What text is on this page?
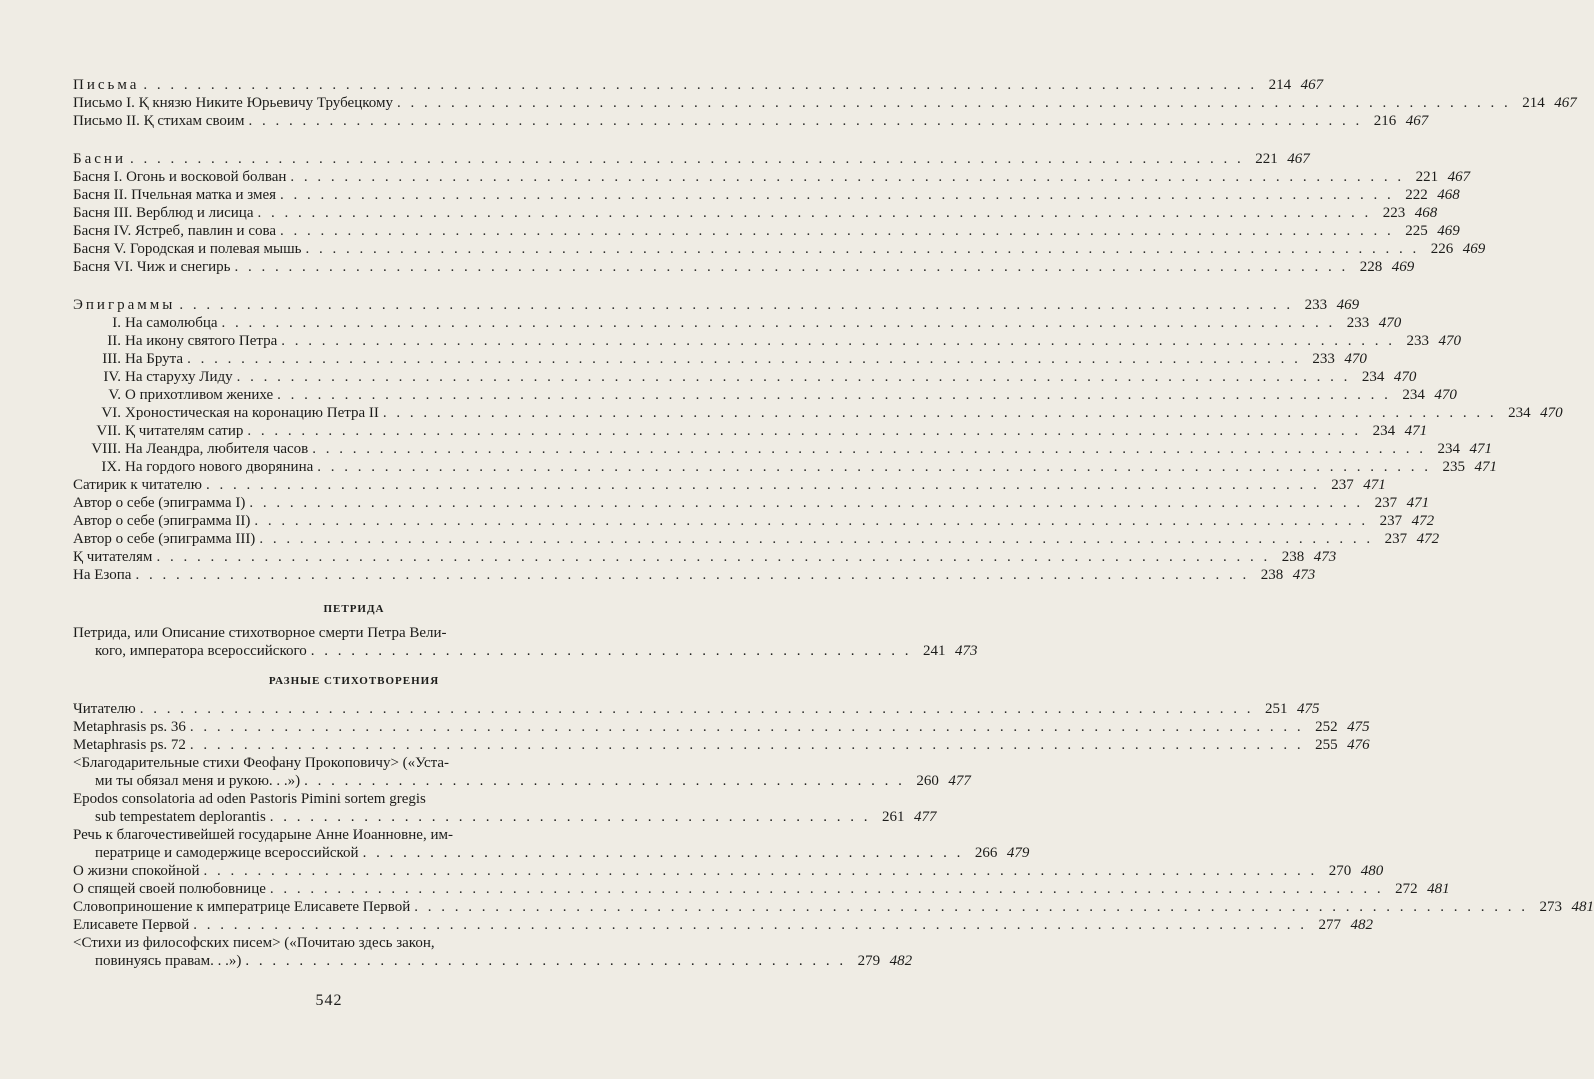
Письма . . .	214 467
Письмо I. Қ князю Никите Юрьевичу Трубецкому . . .	214 467
Письмо II. Қ стихам своим . . .	216 467
Басни . . .	221 467
Басня I. Огонь и восковой болван . . .	221 467
Басня II. Пчельная матка и змея . . .	222 468
Басня III. Верблюд и лисица . . .	223 468
Басня IV. Ястреб, павлин и сова . . .	225 469
Басня V. Городская и полевая мышь . . .	226 469
Басня VI. Чиж и снегирь . . .	228 469
Эпиграммы . . .	233 469
I. На самолюбца . . .	233 470
II. На икону святого Петра . . .	233 470
III. На Брута . . .	233 470
IV. На старуху Лиду . . .	234 470
V. О прихотливом женихе . . .	234 470
VI. Хроностическая на коронацию Петра II . . .	234 470
VII. Қ читателям сатир . . .	234 471
VIII. На Леандра, любителя часов . . .	234 471
IX. На гордого нового дворянина . . .	235 471
Сатирик к читателю . . .	237 471
Автор о себе (эпиграмма I) . . .	237 471
Автор о себе (эпиграмма II) . . .	237 472
Автор о себе (эпиграмма III) . . .	237 472
Қ читателям . . .	238 473
На Езопа . . .	238 473
ПЕТРИДА
Петрида, или Описание стихотворное смерти Петра Вели-
кого, императора всероссийского . . .	241 473
РАЗНЫЕ СТИХОТВОРЕНИЯ
Читателю . . .	251 475
Metaphrasis ps. 36 . . .	252 475
Metaphrasis ps. 72 . . .	255 476
<Благодарительные стихи Феофану Прокоповичу> («Уста-
ми ты обязал меня и рукою. . .») . . .	260 477
Epodos consolatoria ad oden Pastoris Pimini sortem gregis
sub tempestatem deplorantis . . .	261 477
Речь к благочестивейшей государыне Анне Иоанновне, им-
ператрице и самодержице всероссийской . . .	266 479
О жизни спокойной . . .	270 480
О спящей своей полюбовнице . . .	272 481
Словоприношение к императрице Елисавете Первой . . .	273 481
Елисавете Первой . . .	277 482
<Стихи из философских писем> («Почитаю здесь закон,
повинуясь правам. . .») . . .	279 482
542
